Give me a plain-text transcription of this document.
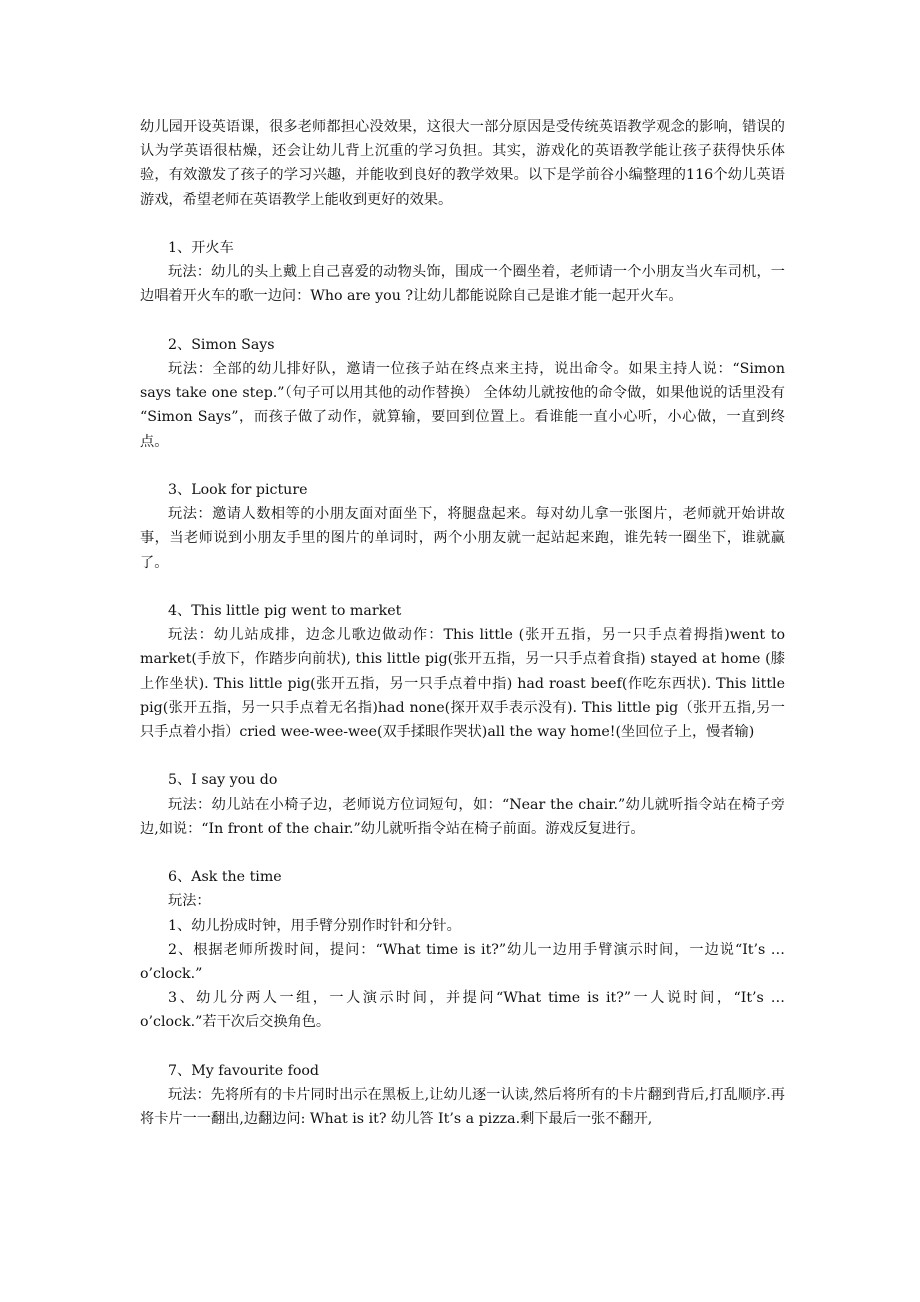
幼儿园开设英语课，很多老师都担心没效果，这很大一部分原因是受传统英语教学观念的影响，错误的认为学英语很枯燥，还会让幼儿背上沉重的学习负担。其实，游戏化的英语教学能让孩子获得快乐体验，有效激发了孩子的学习兴趣，并能收到良好的教学效果。以下是学前谷小编整理的116个幼儿英语游戏，希望老师在英语教学上能收到更好的效果。

1、开火车

玩法：幼儿的头上戴上自己喜爱的动物头饰，围成一个圈坐着，老师请一个小朋友当火车司机，一边唱着开火车的歌一边问：Who are you ?让幼儿都能说除自己是谁才能一起开火车。

2、Simon Says

玩法：全部的幼儿排好队，邀请一位孩子站在终点来主持，说出命令。如果主持人说：“Simon says take one step.”（句子可以用其他的动作替换） 全体幼儿就按他的命令做，如果他说的话里没有 “Simon Says”，而孩子做了动作，就算输，要回到位置上。看谁能一直小心听，小心做，一直到终点。

3、Look for picture

玩法：邀请人数相等的小朋友面对面坐下，将腿盘起来。每对幼儿拿一张图片，老师就开始讲故事，当老师说到小朋友手里的图片的单词时，两个小朋友就一起站起来跑，谁先转一圈坐下，谁就赢了。

4、This little pig went to market

玩法：幼儿站成排，边念儿歌边做动作：This little (张开五指，另一只手点着拇指)went to market(手放下，作踏步向前状), this little pig(张开五指，另一只手点着食指) stayed at home (膝上作坐状). This little pig(张开五指，另一只手点着中指) had roast beef(作吃东西状). This little pig(张开五指，另一只手点着无名指)had none(探开双手表示没有). This little pig（张开五指,另一只手点着小指）cried wee-wee-wee(双手揉眼作哭状)all the way home!(坐回位子上，慢者输)

5、I say you do

玩法：幼儿站在小椅子边，老师说方位词短句，如：“Near the chair.”幼儿就听指令站在椅子旁边,如说：“In front of the chair.”幼儿就听指令站在椅子前面。游戏反复进行。

6、Ask the time

玩法：

1、幼儿扮成时钟，用手臂分别作时针和分针。

2、根据老师所拨时间，提问：“What time is it?”幼儿一边用手臂演示时间，一边说“It’s … o’clock.”

3、幼儿分两人一组，一人演示时间，并提问“What time is it?”一人说时间，“It’s … o’clock.”若干次后交换角色。

7、My favourite food

玩法：先将所有的卡片同时出示在黑板上,让幼儿逐一认读,然后将所有的卡片翻到背后,打乱顺序.再将卡片一一翻出,边翻边问: What is it? 幼儿答 It’s a pizza.剩下最后一张不翻开,
